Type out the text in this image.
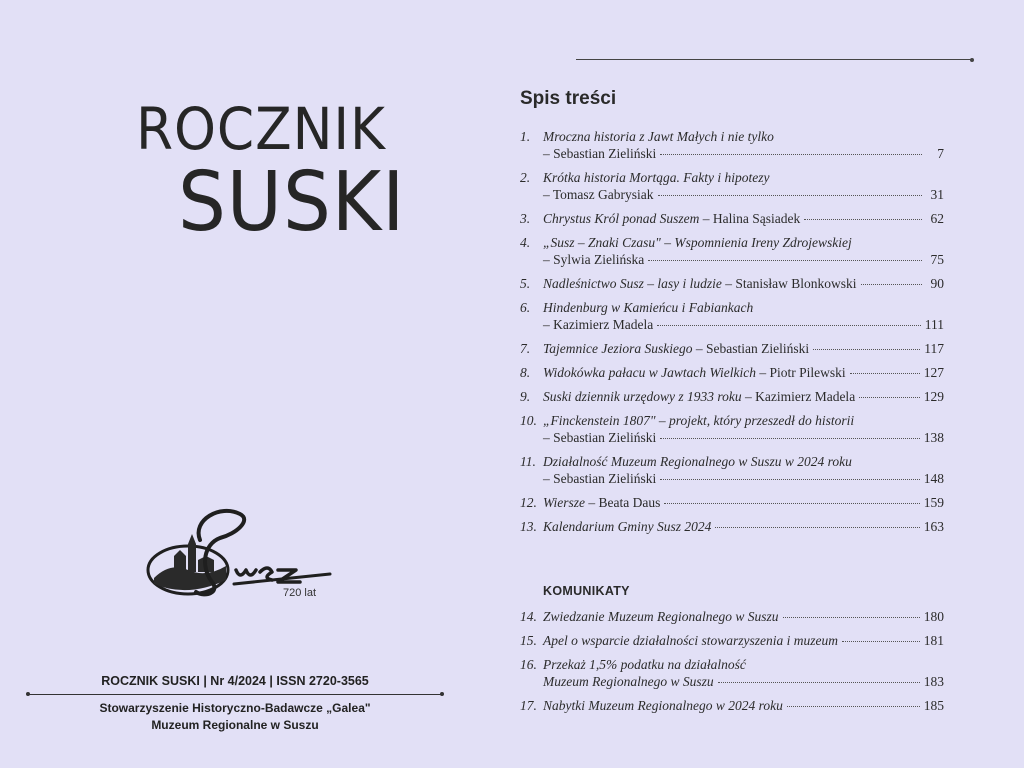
ROCZNIK
SUSKI
720 lat
ROCZNIK SUSKI | Nr 4/2024 | ISSN 2720-3565
Stowarzyszenie Historyczno-Badawcze „Galea"
Muzeum Regionalne w Suszu
Spis treści
1. Mroczna historia z Jawt Małych i nie tylko
– Sebastian Zieliński	7
2. Krótka historia Mortąga. Fakty i hipotezy
– Tomasz Gabrysiak	31
3. Chrystus Król ponad Suszem – Halina Sąsiadek	62
4. „Susz – Znaki Czasu" – Wspomnienia Ireny Zdrojewskiej
– Sylwia Zielińska	75
5. Nadleśnictwo Susz – lasy i ludzie – Stanisław Blonkowski	90
6. Hindenburg w Kamieńcu i Fabiankach
– Kazimierz Madela	111
7. Tajemnice Jeziora Suskiego – Sebastian Zieliński	117
8. Widokówka pałacu w Jawtach Wielkich – Piotr Pilewski	127
9. Suski dziennik urzędowy z 1933 roku – Kazimierz Madela	129
10. „Finckenstein 1807" – projekt, który przeszedł do historii
– Sebastian Zieliński	138
11. Działalność Muzeum Regionalnego w Suszu w 2024 roku
– Sebastian Zieliński	148
12. Wiersze – Beata Daus	159
13. Kalendarium Gminy Susz 2024	163
KOMUNIKATY
14. Zwiedzanie Muzeum Regionalnego w Suszu	180
15. Apel o wsparcie działalności stowarzyszenia i muzeum	181
16. Przekaż 1,5% podatku na działalność
Muzeum Regionalnego w Suszu	183
17. Nabytki Muzeum Regionalnego w 2024 roku	185
